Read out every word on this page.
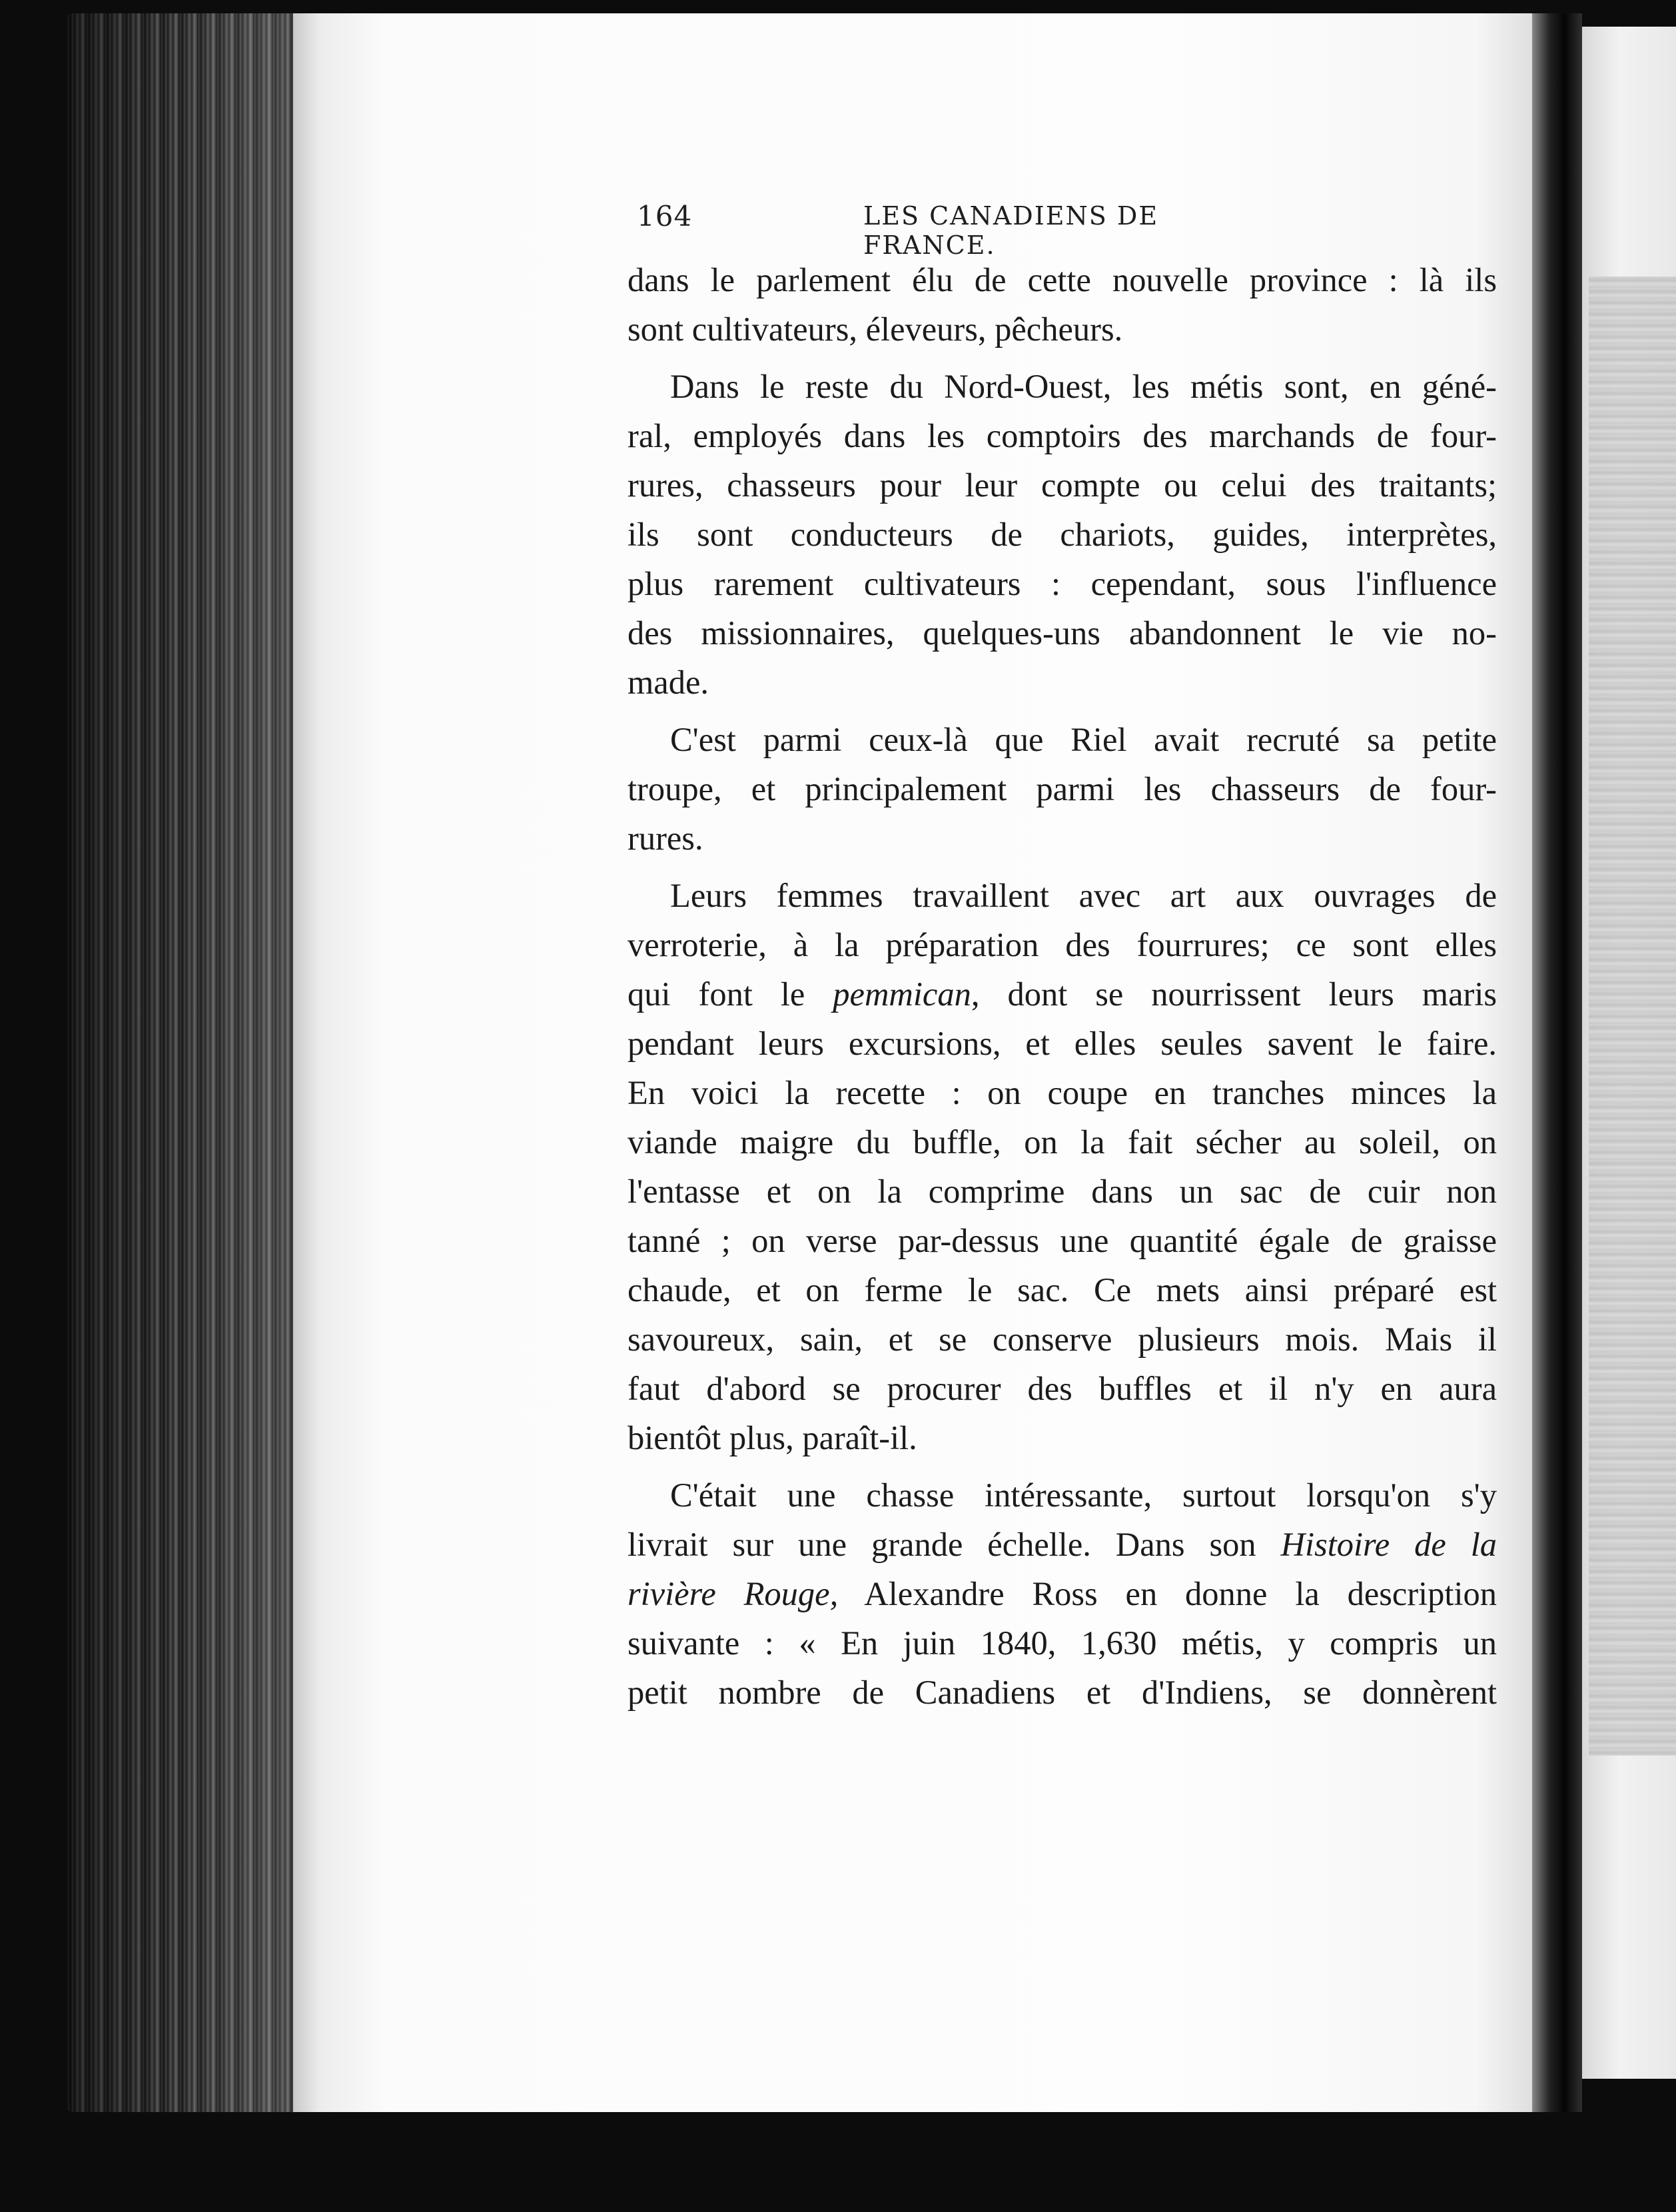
164	LES CANADIENS DE FRANCE.
dans le parlement élu de cette nouvelle province : là ils
sont cultivateurs, éleveurs, pêcheurs.
Dans le reste du Nord-Ouest, les métis sont, en géné-
ral, employés dans les comptoirs des marchands de four-
rures, chasseurs pour leur compte ou celui des traitants;
ils sont conducteurs de chariots, guides, interprètes,
plus rarement cultivateurs : cependant, sous l'influence
des missionnaires, quelques-uns abandonnent le vie no-
made.
C'est parmi ceux-là que Riel avait recruté sa petite
troupe, et principalement parmi les chasseurs de four-
rures.
Leurs femmes travaillent avec art aux ouvrages de
verroterie, à la préparation des fourrures; ce sont elles
qui font le pemmican, dont se nourrissent leurs maris
pendant leurs excursions, et elles seules savent le faire.
En voici la recette : on coupe en tranches minces la
viande maigre du buffle, on la fait sécher au soleil, on
l'entasse et on la comprime dans un sac de cuir non
tanné ; on verse par-dessus une quantité égale de graisse
chaude, et on ferme le sac. Ce mets ainsi préparé est
savoureux, sain, et se conserve plusieurs mois. Mais il
faut d'abord se procurer des buffles et il n'y en aura
bientôt plus, paraît-il.
C'était une chasse intéressante, surtout lorsqu'on s'y
livrait sur une grande échelle. Dans son Histoire de la
rivière Rouge, Alexandre Ross en donne la description
suivante : « En juin 1840, 1,630 métis, y compris un
petit nombre de Canadiens et d'Indiens, se donnèrent
